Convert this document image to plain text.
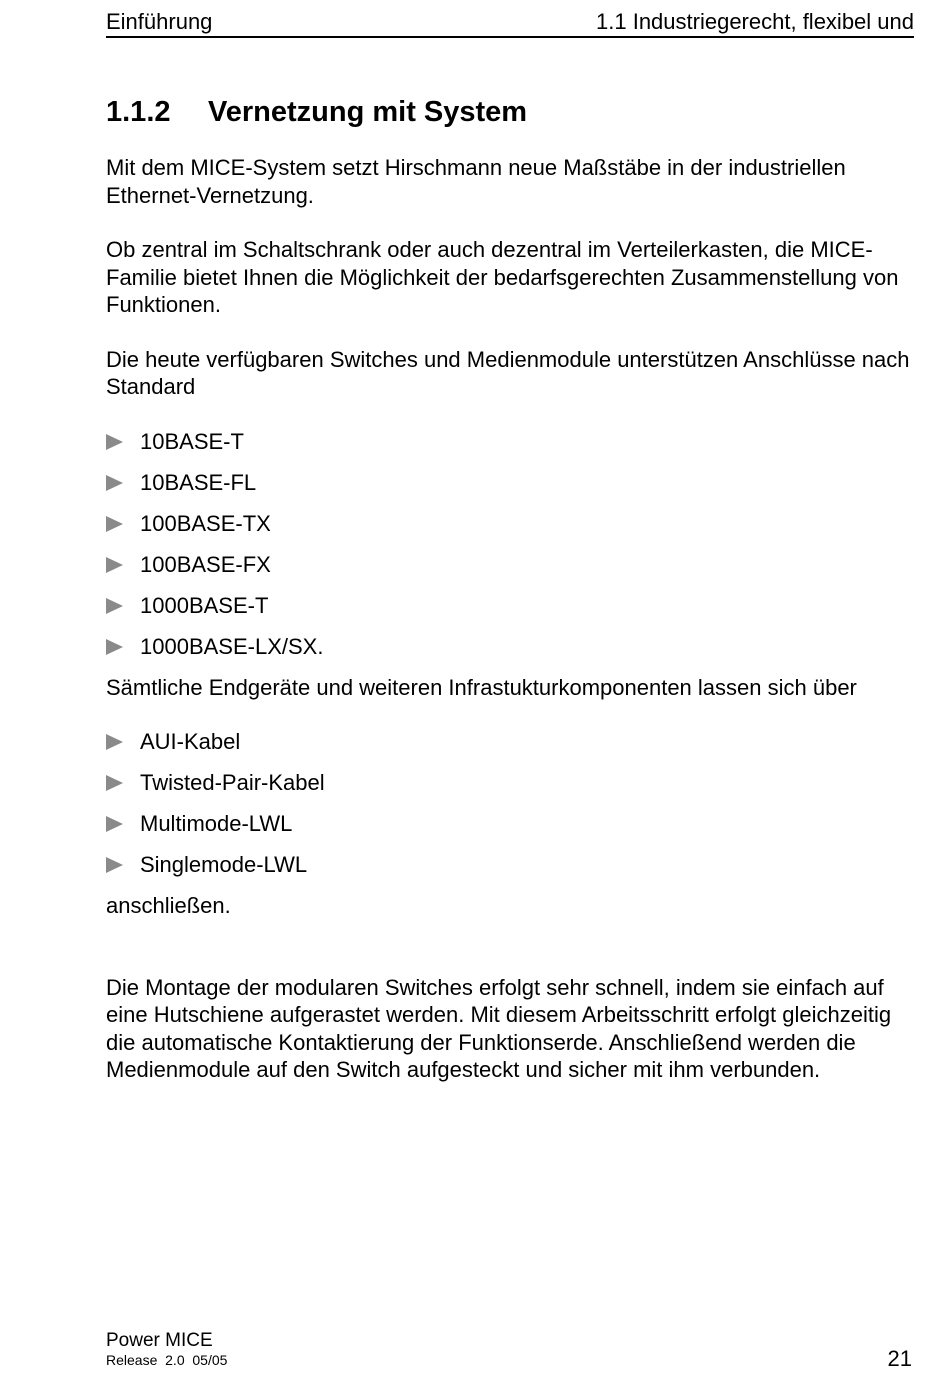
Einführung	1.1 Industriegerecht, flexibel und
1.1.2 Vernetzung mit System

Mit dem MICE-System setzt Hirschmann neue Maßstäbe in der industriellen Ethernet-Vernetzung.

Ob zentral im Schaltschrank oder auch dezentral im Verteilerkasten, die MICE-Familie bietet Ihnen die Möglichkeit der bedarfsgerechten Zusammenstellung von Funktionen.

Die heute verfügbaren Switches und Medienmodule unterstützen Anschlüsse nach Standard

10BASE-T
10BASE-FL
100BASE-TX
100BASE-FX
1000BASE-T
1000BASE-LX/SX.

Sämtliche Endgeräte und weiteren Infrastukturkomponenten lassen sich über

AUI-Kabel
Twisted-Pair-Kabel
Multimode-LWL
Singlemode-LWL

anschließen.

Die Montage der modularen Switches erfolgt sehr schnell, indem sie einfach auf eine Hutschiene aufgerastet werden. Mit diesem Arbeitsschritt erfolgt gleichzeitig die automatische Kontaktierung der Funktionserde. Anschließend werden die Medienmodule auf den Switch aufgesteckt und sicher mit ihm verbunden.

Power MICE
Release  2.0  05/05	21
